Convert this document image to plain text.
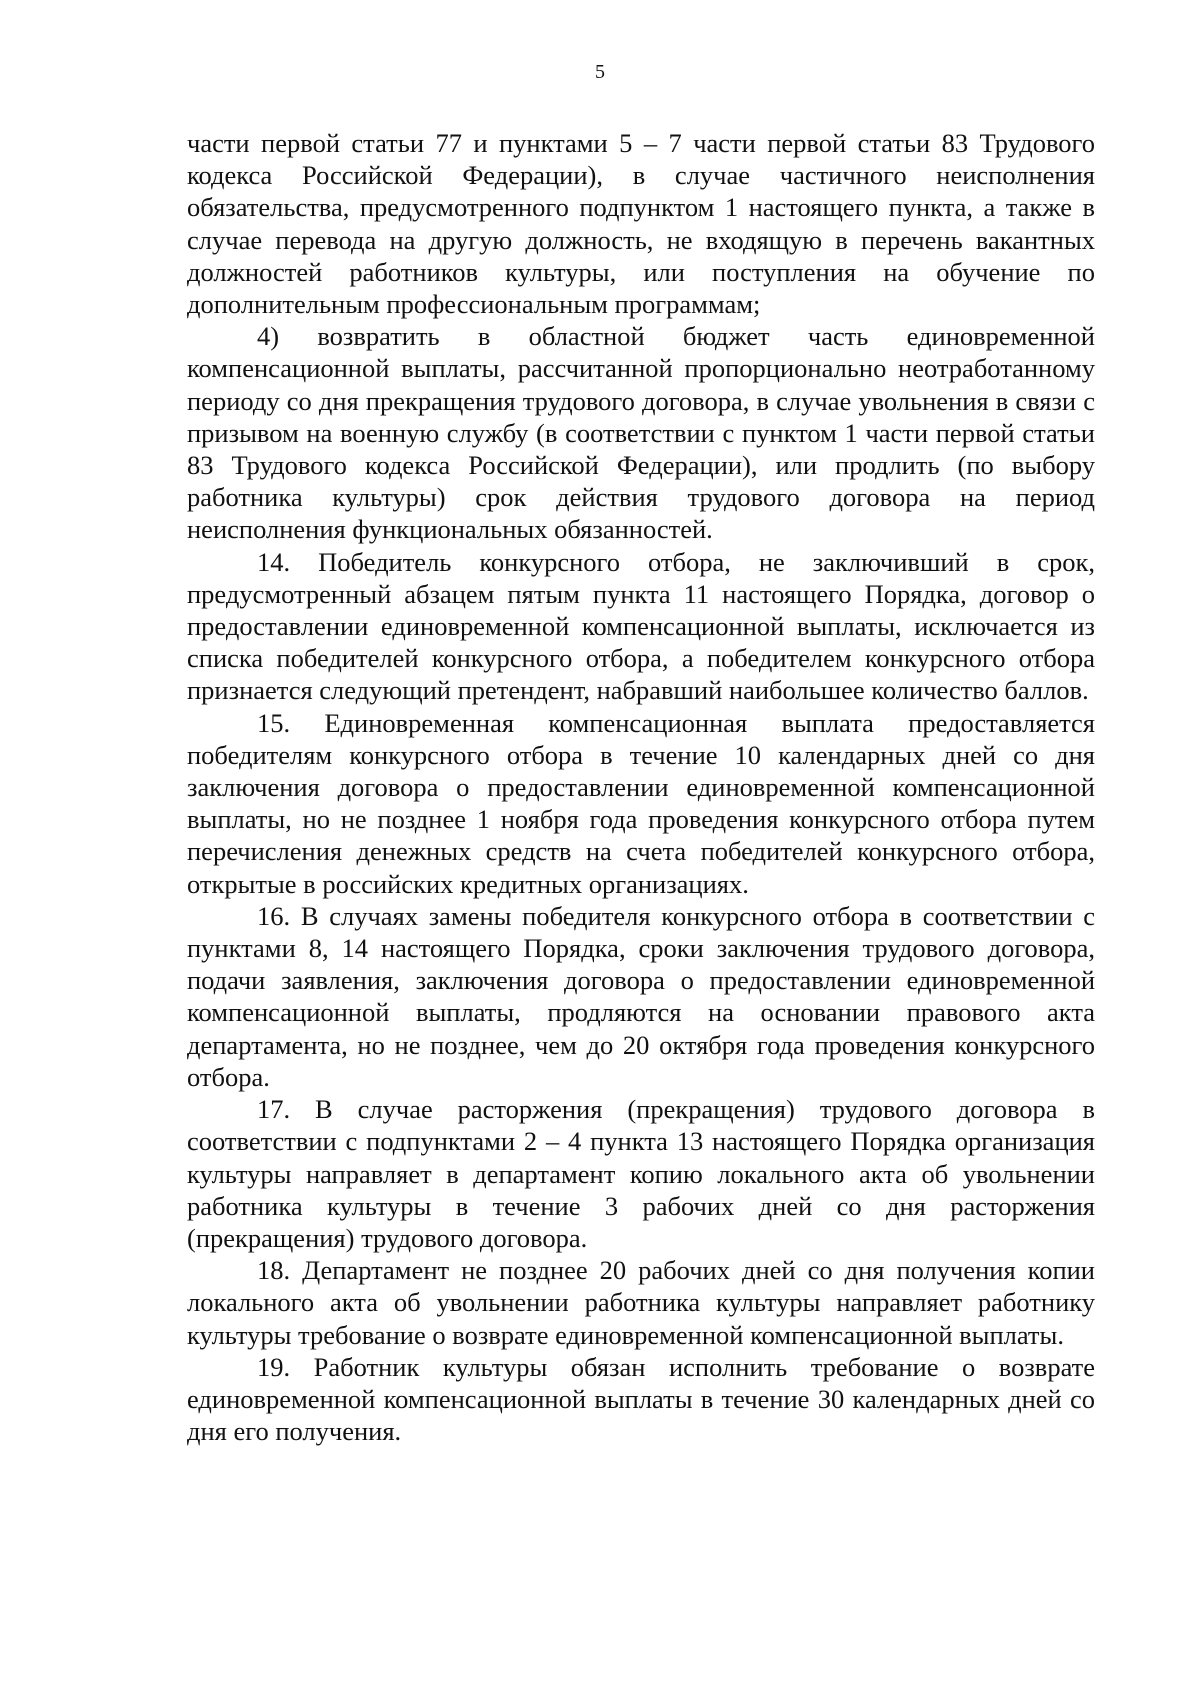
5

части первой статьи 77 и пунктами 5 – 7 части первой статьи 83 Трудового кодекса Российской Федерации), в случае частичного неисполнения обязательства, предусмотренного подпунктом 1 настоящего пункта, а также в случае перевода на другую должность, не входящую в перечень вакантных должностей работников культуры, или поступления на обучение по дополнительным профессиональным программам;

4) возвратить в областной бюджет часть единовременной компенсационной выплаты, рассчитанной пропорционально неотработанному периоду со дня прекращения трудового договора, в случае увольнения в связи с призывом на военную службу (в соответствии с пунктом 1 части первой статьи 83 Трудового кодекса Российской Федерации), или продлить (по выбору работника культуры) срок действия трудового договора на период неисполнения функциональных обязанностей.

14. Победитель конкурсного отбора, не заключивший в срок, предусмотренный абзацем пятым пункта 11 настоящего Порядка, договор о предоставлении единовременной компенсационной выплаты, исключается из списка победителей конкурсного отбора, а победителем конкурсного отбора признается следующий претендент, набравший наибольшее количество баллов.

15. Единовременная компенсационная выплата предоставляется победителям конкурсного отбора в течение 10 календарных дней со дня заключения договора о предоставлении единовременной компенсационной выплаты, но не позднее 1 ноября года проведения конкурсного отбора путем перечисления денежных средств на счета победителей конкурсного отбора, открытые в российских кредитных организациях.

16. В случаях замены победителя конкурсного отбора в соответствии с пунктами 8, 14 настоящего Порядка, сроки заключения трудового договора, подачи заявления, заключения договора о предоставлении единовременной компенсационной выплаты, продляются на основании правового акта департамента, но не позднее, чем до 20 октября года проведения конкурсного отбора.

17. В случае расторжения (прекращения) трудового договора в соответствии с подпунктами 2 – 4 пункта 13 настоящего Порядка организация культуры направляет в департамент копию локального акта об увольнении работника культуры в течение 3 рабочих дней со дня расторжения (прекращения) трудового договора.

18. Департамент не позднее 20 рабочих дней со дня получения копии локального акта об увольнении работника культуры направляет работнику культуры требование о возврате единовременной компенсационной выплаты.

19. Работник культуры обязан исполнить требование о возврате единовременной компенсационной выплаты в течение 30 календарных дней со дня его получения.
